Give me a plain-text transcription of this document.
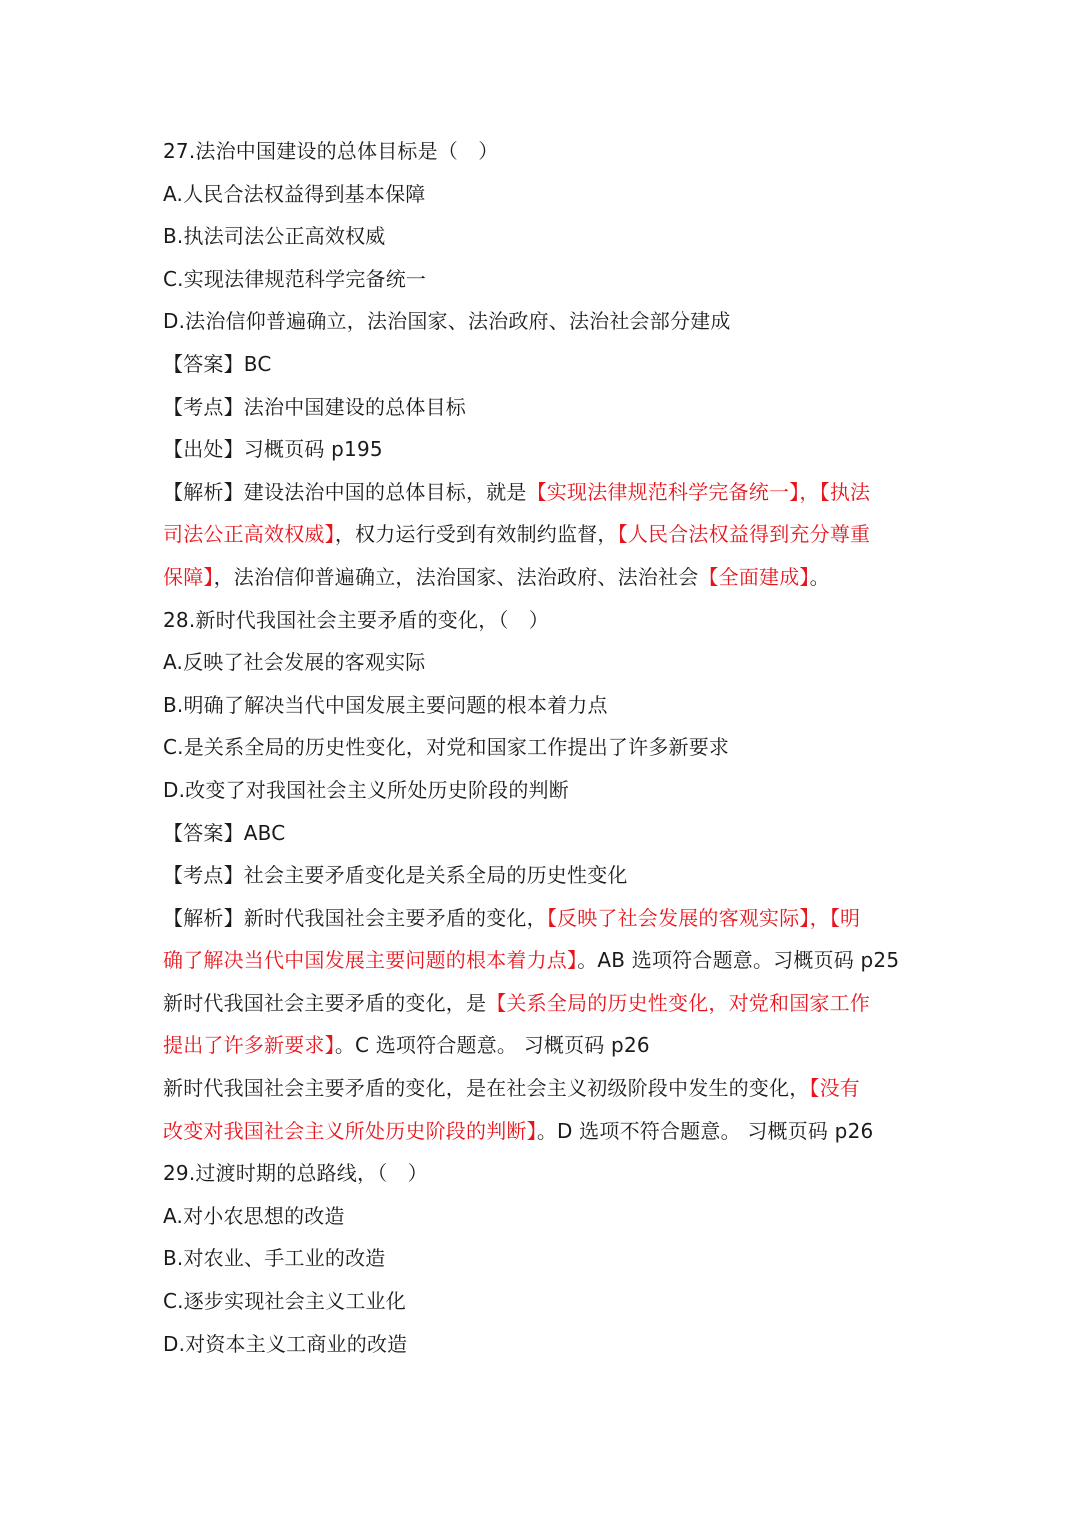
27.法治中国建设的总体目标是（　）
A.人民合法权益得到基本保障
B.执法司法公正高效权威
C.实现法律规范科学完备统一
D.法治信仰普遍确立，法治国家、法治政府、法治社会部分建成
【答案】BC
【考点】法治中国建设的总体目标
【出处】习概页码 p195
【解析】建设法治中国的总体目标，就是【实现法律规范科学完备统一】，【执法
司法公正高效权威】，权力运行受到有效制约监督，【人民合法权益得到充分尊重
保障】，法治信仰普遍确立，法治国家、法治政府、法治社会【全面建成】。
28.新时代我国社会主要矛盾的变化，（　）
A.反映了社会发展的客观实际
B.明确了解决当代中国发展主要问题的根本着力点
C.是关系全局的历史性变化，对党和国家工作提出了许多新要求
D.改变了对我国社会主义所处历史阶段的判断
【答案】ABC
【考点】社会主要矛盾变化是关系全局的历史性变化
【解析】新时代我国社会主要矛盾的变化，【反映了社会发展的客观实际】，【明
确了解决当代中国发展主要问题的根本着力点】。AB 选项符合题意。习概页码 p25
新时代我国社会主要矛盾的变化，是【关系全局的历史性变化，对党和国家工作
提出了许多新要求】。C 选项符合题意。 习概页码 p26
新时代我国社会主要矛盾的变化，是在社会主义初级阶段中发生的变化，【没有
改变对我国社会主义所处历史阶段的判断】。D 选项不符合题意。 习概页码 p26
29.过渡时期的总路线，（　）
A.对小农思想的改造
B.对农业、手工业的改造
C.逐步实现社会主义工业化
D.对资本主义工商业的改造
